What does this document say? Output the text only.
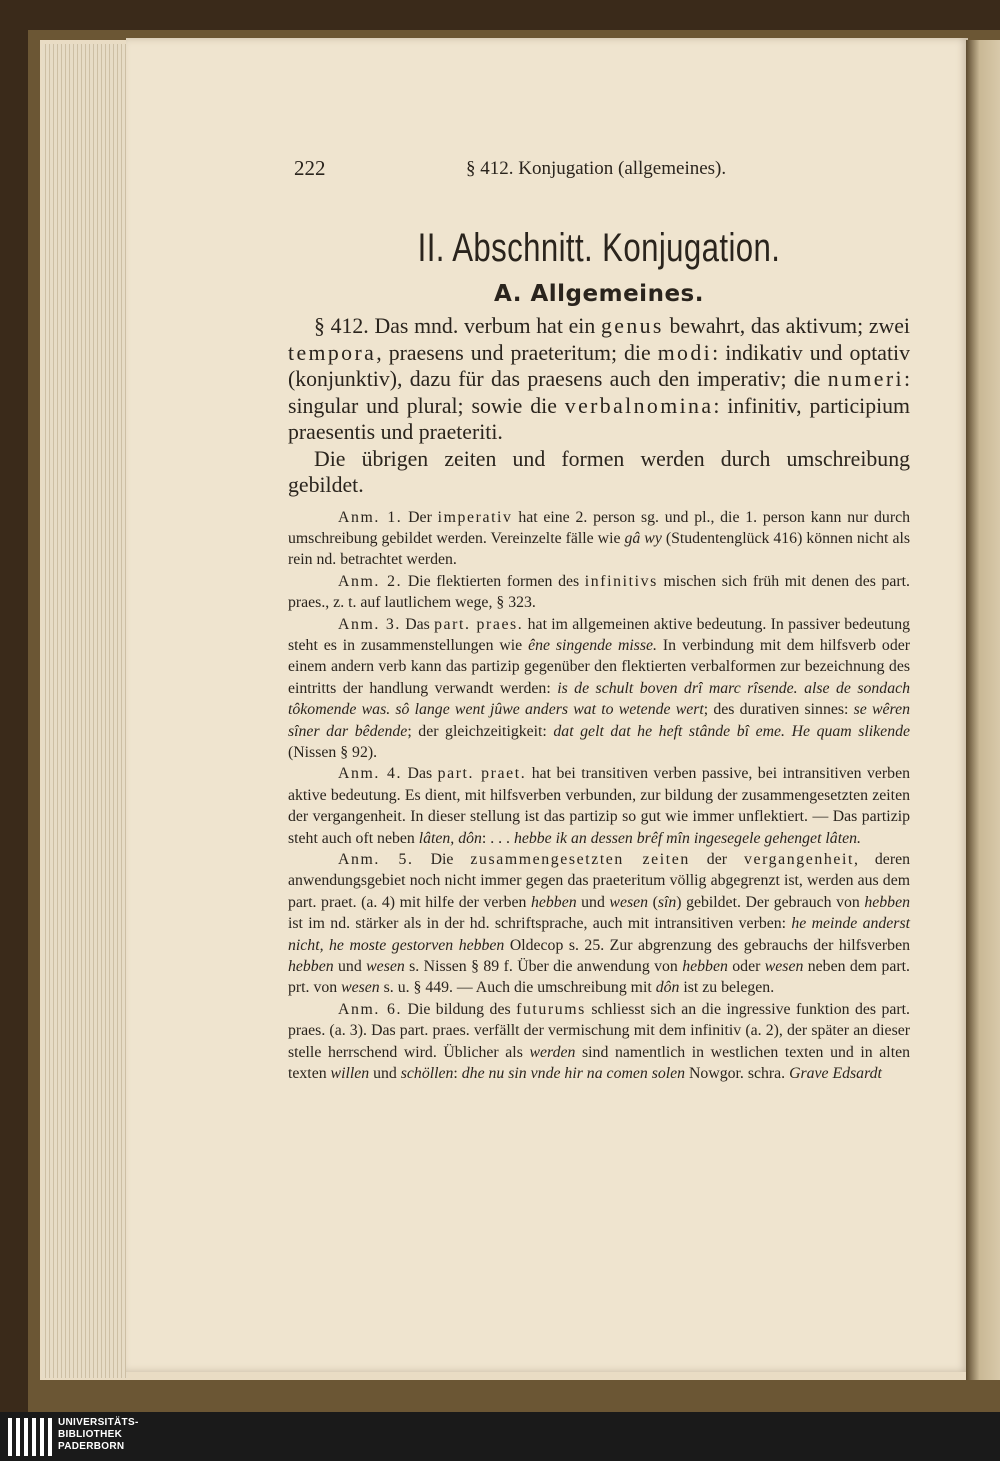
222	§ 412. Konjugation (allgemeines).
II. Abschnitt. Konjugation.
A. Allgemeines.

§ 412. Das mnd. verbum hat ein genus bewahrt, das aktivum; zwei tempora, praesens und praeteritum; die modi: indikativ und optativ (konjunktiv), dazu für das praesens auch den imperativ; die numeri: singular und plural; sowie die verbalnomina: infinitiv, participium praesentis und praeteriti.

Die übrigen zeiten und formen werden durch umschreibung gebildet.

Anm. 1. Der imperativ hat eine 2. person sg. und pl., die 1. person kann nur durch umschreibung gebildet werden. Vereinzelte fälle wie gâ wy (Studentenglück 416) können nicht als rein nd. betrachtet werden.

Anm. 2. Die flektierten formen des infinitivs mischen sich früh mit denen des part. praes., z. t. auf lautlichem wege, § 323.

Anm. 3. Das part. praes. hat im allgemeinen aktive bedeutung. In passiver bedeutung steht es in zusammenstellungen wie êne singende misse. In verbindung mit dem hilfsverb oder einem andern verb kann das partizip gegenüber den flektierten verbalformen zur bezeichnung des eintritts der handlung verwandt werden: is de schult boven drî marc rîsende. alse de sondach tôkomende was. sô lange went jûwe anders wat to wetende wert; des durativen sinnes: se wêren sîner dar bêdende; der gleichzeitigkeit: dat gelt dat he heft stânde bî eme. He quam slikende (Nissen § 92).

Anm. 4. Das part. praet. hat bei transitiven verben passive, bei intransitiven verben aktive bedeutung. Es dient, mit hilfsverben verbunden, zur bildung der zusammengesetzten zeiten der vergangenheit. In dieser stellung ist das partizip so gut wie immer unflektiert. — Das partizip steht auch oft neben lâten, dôn: . . . hebbe ik an dessen brêf mîn ingesegele gehenget lâten.

Anm. 5. Die zusammengesetzten zeiten der vergangenheit, deren anwendungsgebiet noch nicht immer gegen das praeteritum völlig abgegrenzt ist, werden aus dem part. praet. (a. 4) mit hilfe der verben hebben und wesen (sîn) gebildet. Der gebrauch von hebben ist im nd. stärker als in der hd. schriftsprache, auch mit intransitiven verben: he meinde anderst nicht, he moste gestorven hebben Oldecop s. 25. Zur abgrenzung des gebrauchs der hilfsverben hebben und wesen s. Nissen § 89 f. Über die anwendung von hebben oder wesen neben dem part. prt. von wesen s. u. § 449. — Auch die umschreibung mit dôn ist zu belegen.

Anm. 6. Die bildung des futurums schliesst sich an die ingressive funktion des part. praes. (a. 3). Das part. praes. verfällt der vermischung mit dem infinitiv (a. 2), der später an dieser stelle herrschend wird. Üblicher als werden sind namentlich in westlichen texten und in alten texten willen und schöllen: dhe nu sin vnde hir na comen solen Nowgor. schra. Grave Edsardt

UNIVERSITÄTS-
BIBLIOTHEK
PADERBORN
